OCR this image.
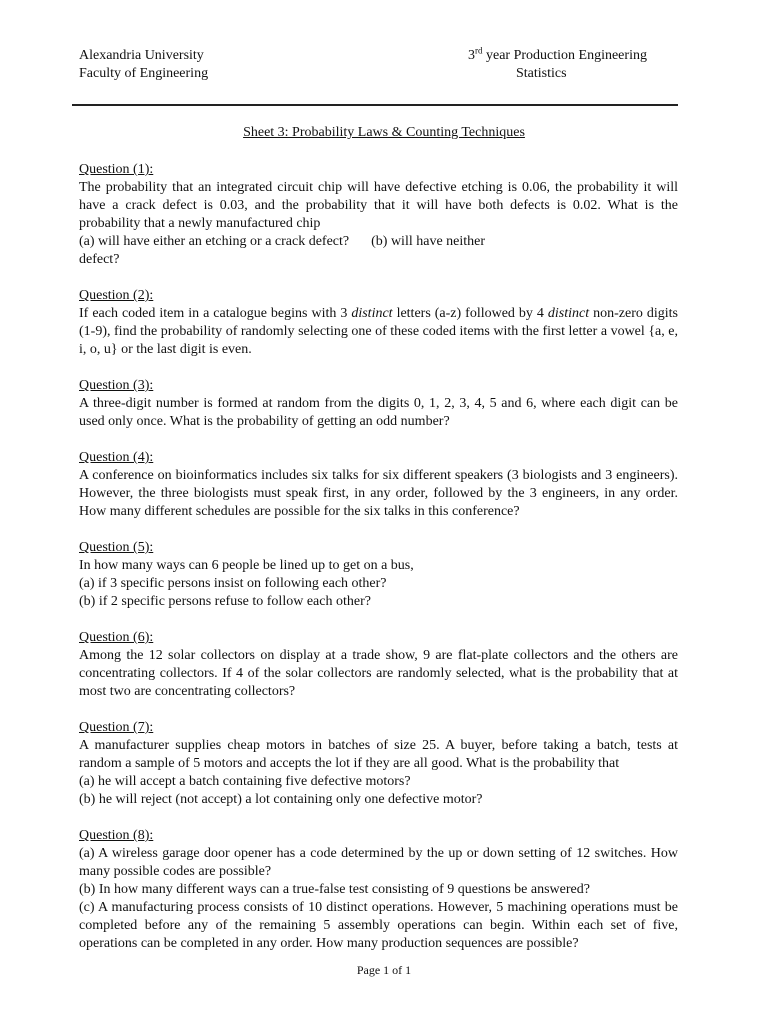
Alexandria University
Faculty of Engineering
3rd year Production Engineering
Statistics
Sheet 3: Probability Laws & Counting Techniques
Question (1):
The probability that an integrated circuit chip will have defective etching is 0.06, the probability it will have a crack defect is 0.03, and the probability that it will have both defects is 0.02. What is the probability that a newly manufactured chip
(a) will have either an etching or a crack defect? (b) will have neither
defect?
Question (2):
If each coded item in a catalogue begins with 3 distinct letters (a-z) followed by 4 distinct non-zero digits (1-9), find the probability of randomly selecting one of these coded items with the first letter a vowel {a, e, i, o, u} or the last digit is even.
Question (3):
A three-digit number is formed at random from the digits 0, 1, 2, 3, 4, 5 and 6, where each digit can be used only once. What is the probability of getting an odd number?
Question (4):
A conference on bioinformatics includes six talks for six different speakers (3 biologists and 3 engineers). However, the three biologists must speak first, in any order, followed by the 3 engineers, in any order. How many different schedules are possible for the six talks in this conference?
Question (5):
In how many ways can 6 people be lined up to get on a bus,
(a) if 3 specific persons insist on following each other?
(b) if 2 specific persons refuse to follow each other?
Question (6):
Among the 12 solar collectors on display at a trade show, 9 are flat-plate collectors and the others are concentrating collectors. If 4 of the solar collectors are randomly selected, what is the probability that at most two are concentrating collectors?
Question (7):
A manufacturer supplies cheap motors in batches of size 25. A buyer, before taking a batch, tests at random a sample of 5 motors and accepts the lot if they are all good. What is the probability that
(a) he will accept a batch containing five defective motors?
(b) he will reject (not accept) a lot containing only one defective motor?
Question (8):
(a) A wireless garage door opener has a code determined by the up or down setting of 12 switches. How many possible codes are possible?
(b) In how many different ways can a true-false test consisting of 9 questions be answered?
(c) A manufacturing process consists of 10 distinct operations. However, 5 machining operations must be completed before any of the remaining 5 assembly operations can begin. Within each set of five, operations can be completed in any order. How many production sequences are possible?
Page 1 of 1
